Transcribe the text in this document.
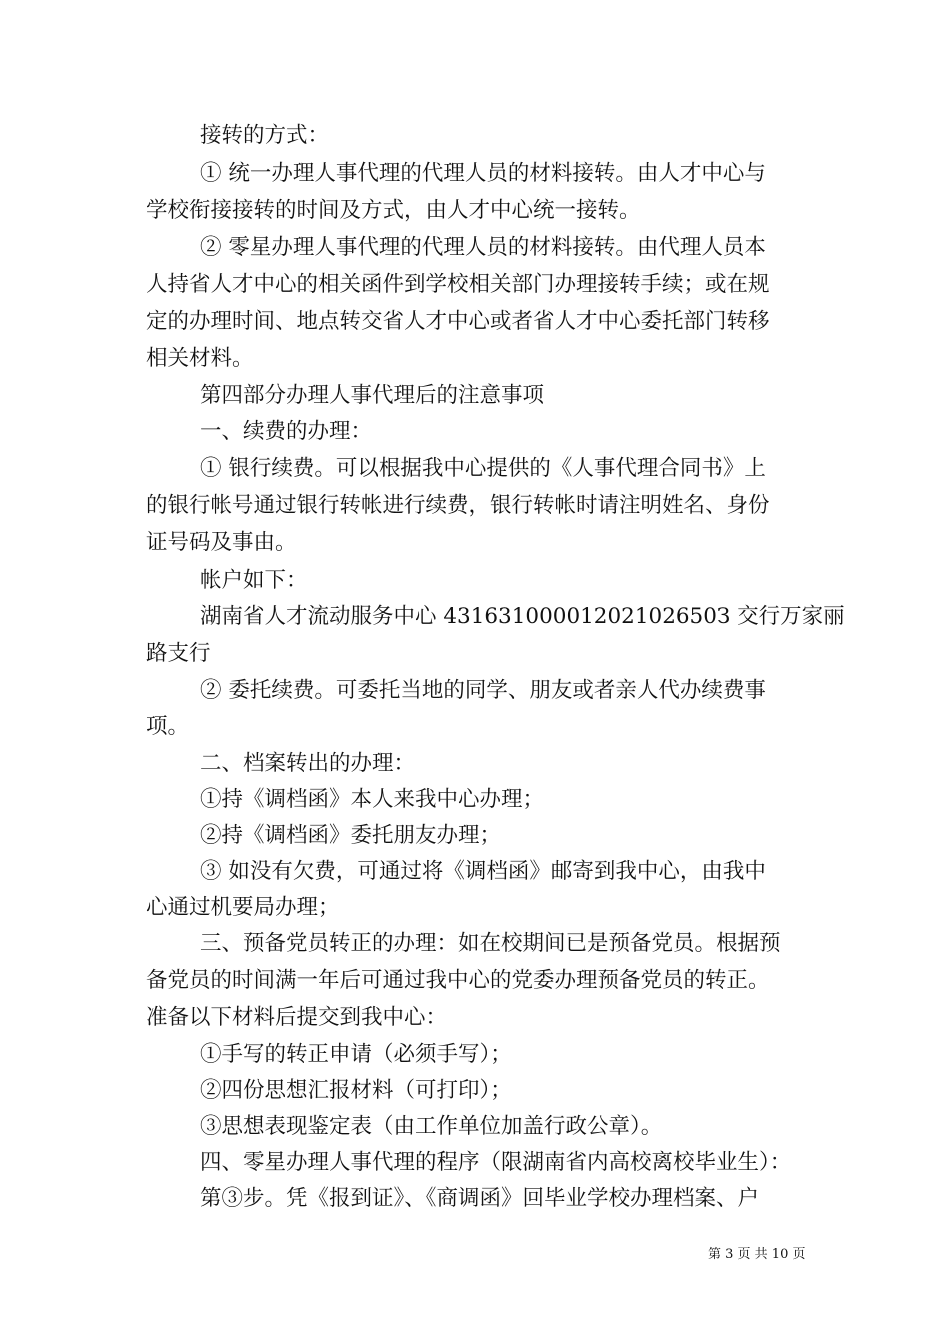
接转的方式：
① 统一办理人事代理的代理人员的材料接转。由人才中心与
学校衔接接转的时间及方式，由人才中心统一接转。
② 零星办理人事代理的代理人员的材料接转。由代理人员本
人持省人才中心的相关函件到学校相关部门办理接转手续；或在规
定的办理时间、地点转交省人才中心或者省人才中心委托部门转移
相关材料。
第四部分办理人事代理后的注意事项
一、续费的办理：
① 银行续费。可以根据我中心提供的《人事代理合同书》上
的银行帐号通过银行转帐进行续费，银行转帐时请注明姓名、身份
证号码及事由。
帐户如下：
湖南省人才流动服务中心 43163100001202102650З 交行万家丽
路支行
② 委托续费。可委托当地的同学、朋友或者亲人代办续费事
项。
二、档案转出的办理：
①持《调档函》本人来我中心办理；
②持《调档函》委托朋友办理；
③ 如没有欠费，可通过将《调档函》邮寄到我中心，由我中
心通过机要局办理；
三、预备党员转正的办理：如在校期间已是预备党员。根据预
备党员的时间满一年后可通过我中心的党委办理预备党员的转正。
准备以下材料后提交到我中心：
①手写的转正申请（必须手写）；
②四份思想汇报材料（可打印）；
③思想表现鉴定表（由工作单位加盖行政公章）。
四、零星办理人事代理的程序（限湖南省内高校离校毕业生）：
第③步。凭《报到证》、《商调函》回毕业学校办理档案、户
第 3 页 共 10 页
